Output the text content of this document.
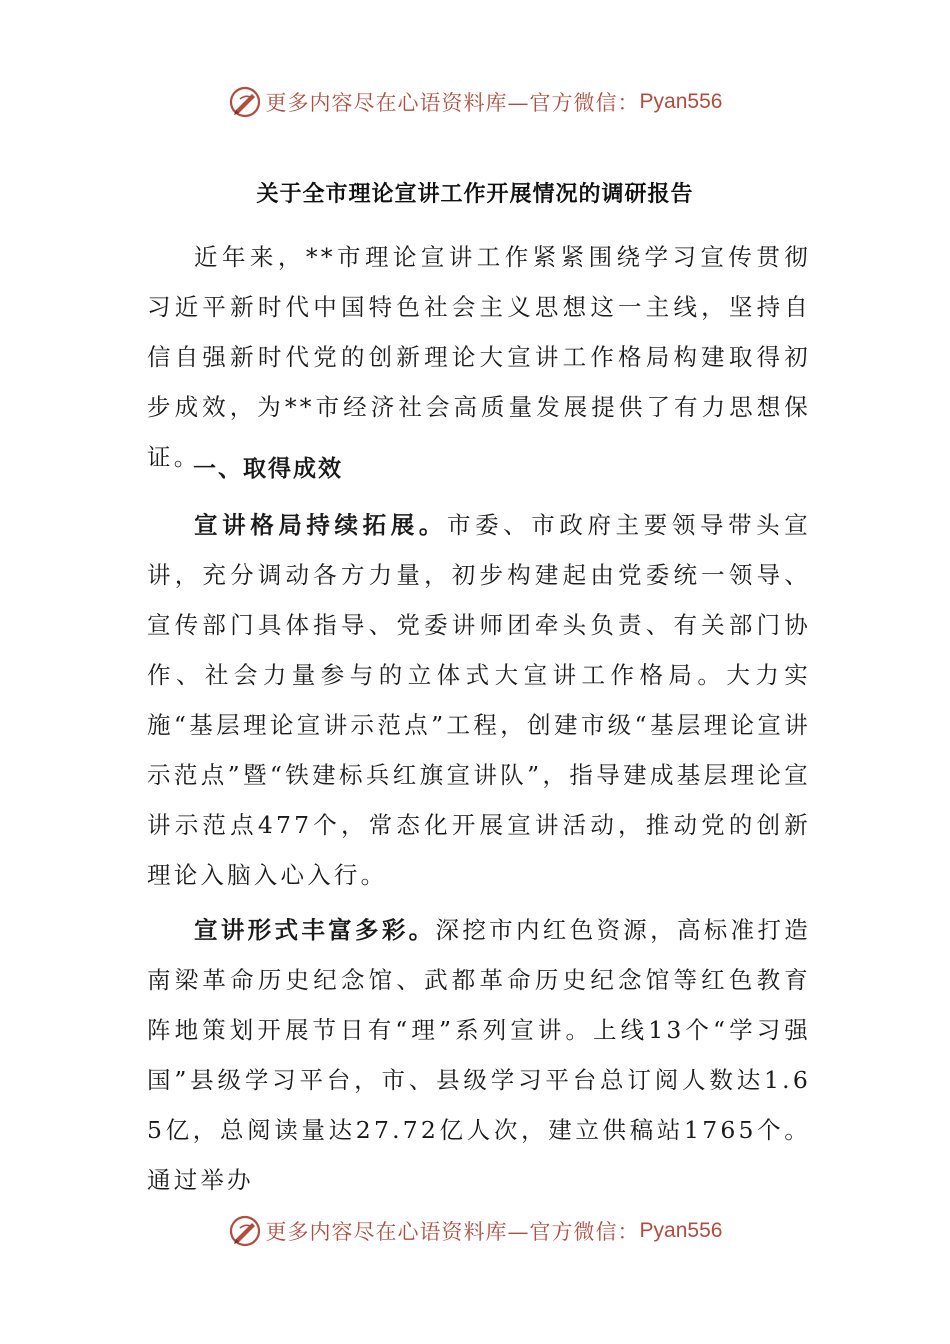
更多内容尽在心语资料库—官方微信： Pyan556
关于全市理论宣讲工作开展情况的调研报告

近年来，**市理论宣讲工作紧紧围绕学习宣传贯彻习近平新时代中国特色社会主义思想这一主线，坚持自信自强新时代党的创新理论大宣讲工作格局构建取得初步成效，为**市经济社会高质量发展提供了有力思想保证。

一、取得成效

宣讲格局持续拓展。市委、市政府主要领导带头宣讲，充分调动各方力量，初步构建起由党委统一领导、宣传部门具体指导、党委讲师团牵头负责、有关部门协作、社会力量参与的立体式大宣讲工作格局。大力实施“基层理论宣讲示范点”工程，创建市级“基层理论宣讲示范点”暨“铁建标兵红旗宣讲队”，指导建成基层理论宣讲示范点477个，常态化开展宣讲活动，推动党的创新理论入脑入心入行。

宣讲形式丰富多彩。深挖市内红色资源，高标准打造南梁革命历史纪念馆、武都革命历史纪念馆等红色教育阵地策划开展节日有“理”系列宣讲。上线13个“学习强国”县级学习平台，市、县级学习平台总订阅人数达1.65亿，总阅读量达27.72亿人次，建立供稿站1765个。通过举办

更多内容尽在心语资料库—官方微信： Pyan556
